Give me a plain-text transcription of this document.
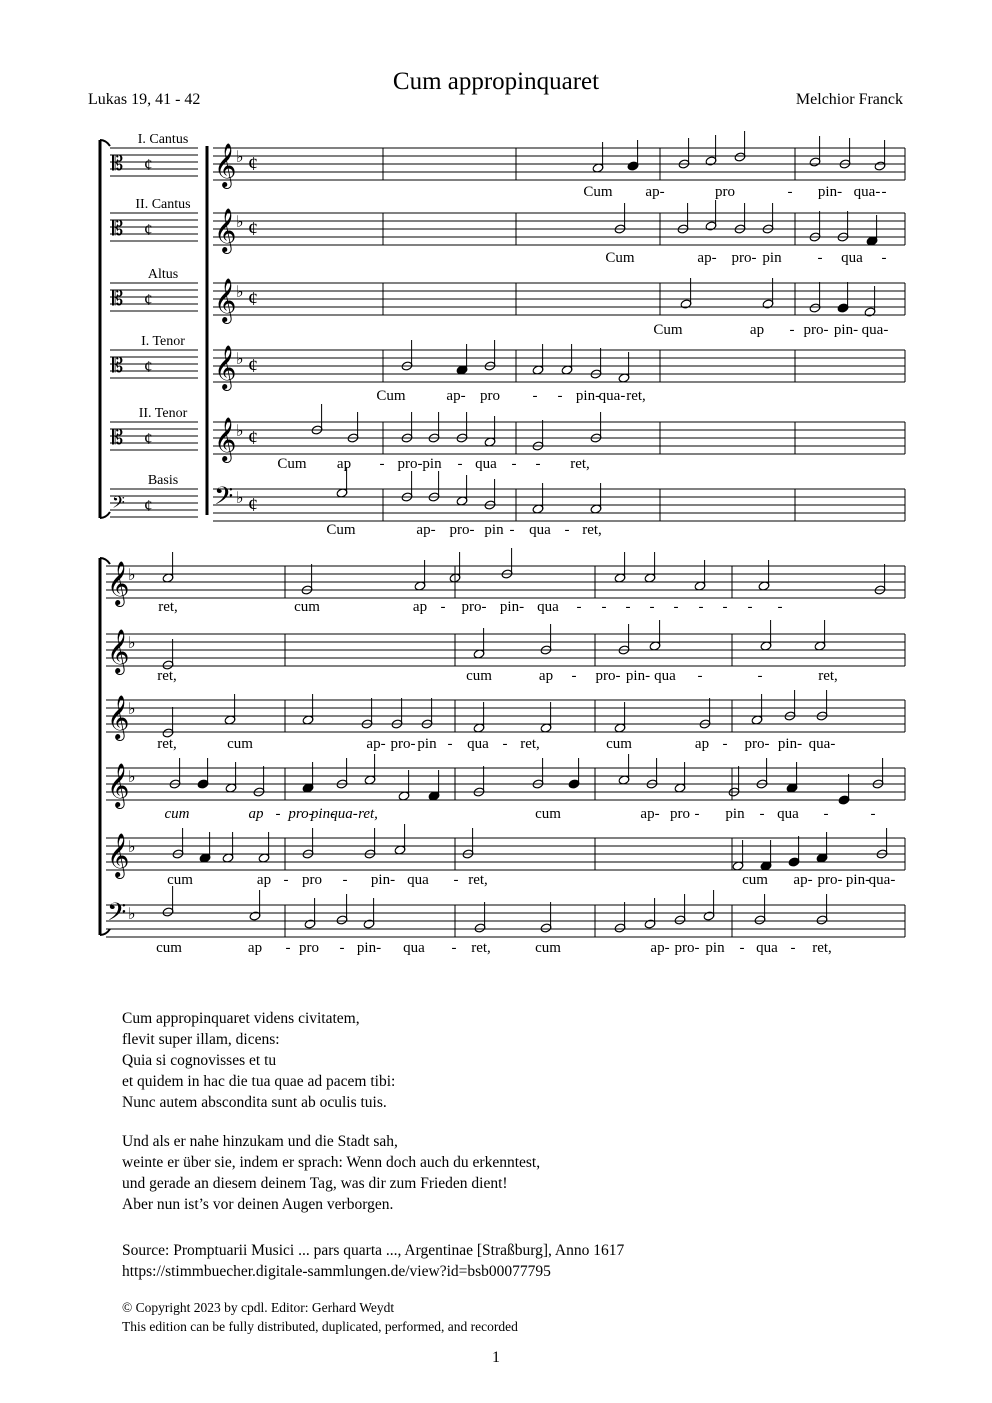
Cum appropinquaret
Lukas 19, 41 - 42	Melchior Franck
I. Cantus
𝄡 ¢ 𝄞 ♭ ¢
Cum ap-	pro	- pin- qua- -
II. Cantus
𝄡 ¢ 𝄞 ♭ ¢
Cum	ap- pro- pin - qua -
Altus
𝄡 ¢ 𝄞 ♭ ¢
Cum	ap - pro- pin- qua-
I. Tenor
𝄡 ¢ 𝄞 ♭ ¢
Cum	ap- pro - - pin-
qua- ret,
II. Tenor
𝄡 ¢ 𝄞 ♭ ¢
Cum ap - pro- pin - qua - - ret,
Basis
𝄢 ¢ 𝄢 ♭ ¢
Cum	ap- pro- pin - qua - ret,
𝄞
♭
ret,	cum	ap - pro- pin- qua - - - - - - - - -
𝄞
♭
ret,	cum	ap - pro- pin- qua -	-	ret,
𝄞
♭
ret,	cum	ap- pro- pin - qua - ret,	cum	ap - pro- pin- qua-
𝄞
♭
cum	ap - pro-
pin-
qua- ret,	cum	ap- pro - pin - qua -	-
𝄞
♭
cum	ap - pro - pin- qua - ret,	cum ap- pro- pin-
qua-
𝄢 ♭
cum	ap - pro - pin- qua - ret,	cum	ap- pro- pin - qua - ret,
Cum appropinquaret videns civitatem,
flevit super illam, dicens:
Quia si cognovisses et tu
et quidem in hac die tua quae ad pacem tibi:
Nunc autem abscondita sunt ab oculis tuis.
Und als er nahe hinzukam und die Stadt sah,
weinte er über sie, indem er sprach: Wenn doch auch du erkenntest,
und gerade an diesem deinem Tag, was dir zum Frieden dient!
Aber nun ist’s vor deinen Augen verborgen.
Source: Promptuarii Musici ... pars quarta ..., Argentinae [Straßburg], Anno 1617
https://stimmbuecher.digitale-sammlungen.de/view?id=bsb00077795
© Copyright 2023 by cpdl. Editor: Gerhard Weydt
This edition can be fully distributed, duplicated, performed, and recorded
1
